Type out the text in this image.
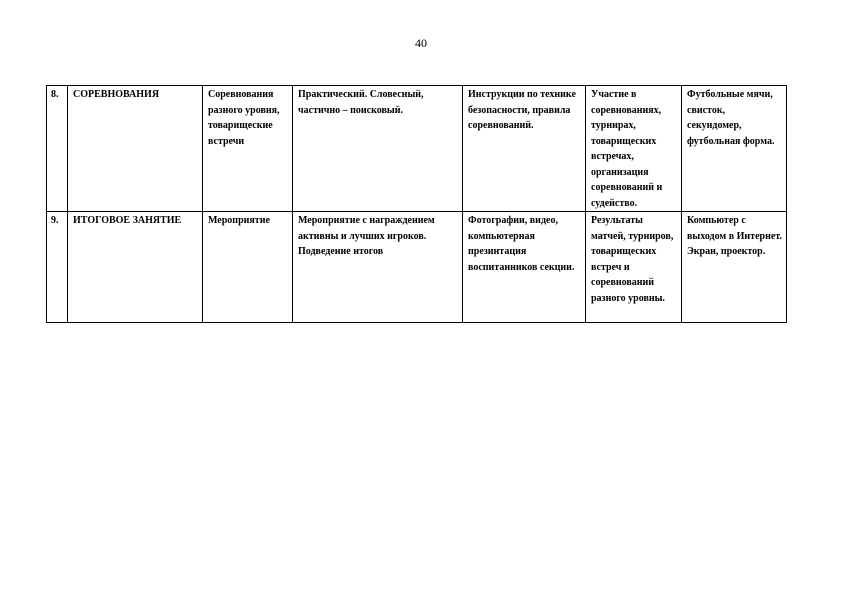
40
8.	СОРЕВНОВАНИЯ	Соревнования разного уровня, товарищеские встречи	Практический. Словесный, частично – поисковый.	Инструкции по технике безопасности, правила соревнований.	Участие в соревнованиях, турнирах, товарищеских встречах, организация соревнований и судейство.	Футбольные мячи, свисток, секундомер, футбольная форма.
9.	ИТОГОВОЕ ЗАНЯТИЕ	Мероприятие	Мероприятие с награждением активны и лучших игроков. Подведение итогов	Фотографии, видео, компьютерная презинтация воспитанников секции.	Результаты матчей, турниров, товарищеских встреч и соревнований разного уровны.	Компьютер с выходом в Интернет. Экран, проектор.
